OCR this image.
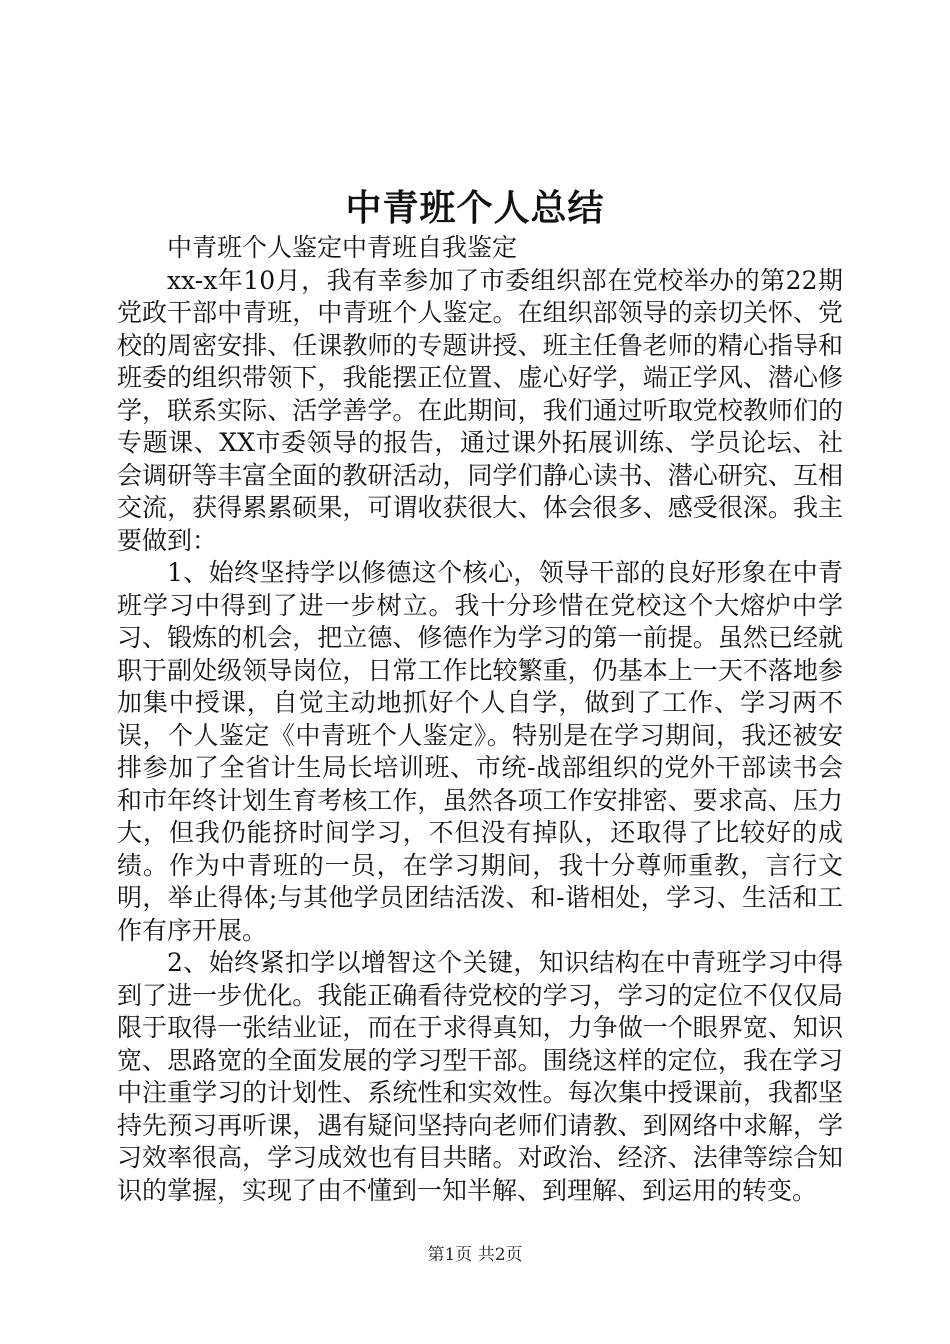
中青班个人总结

中青班个人鉴定中青班自我鉴定

xx-x年10月，我有幸参加了市委组织部在党校举办的第22期党政干部中青班，中青班个人鉴定。在组织部领导的亲切关怀、党校的周密安排、任课教师的专题讲授、班主任鲁老师的精心指导和班委的组织带领下，我能摆正位置、虚心好学，端正学风、潜心修学，联系实际、活学善学。在此期间，我们通过听取党校教师们的专题课、XX市委领导的报告，通过课外拓展训练、学员论坛、社会调研等丰富全面的教研活动，同学们静心读书、潜心研究、互相交流，获得累累硕果，可谓收获很大、体会很多、感受很深。我主要做到：

1、始终坚持学以修德这个核心，领导干部的良好形象在中青班学习中得到了进一步树立。我十分珍惜在党校这个大熔炉中学习、锻炼的机会，把立德、修德作为学习的第一前提。虽然已经就职于副处级领导岗位，日常工作比较繁重，仍基本上一天不落地参加集中授课，自觉主动地抓好个人自学，做到了工作、学习两不误，个人鉴定《中青班个人鉴定》。特别是在学习期间，我还被安排参加了全省计生局长培训班、市统-战部组织的党外干部读书会和市年终计划生育考核工作，虽然各项工作安排密、要求高、压力大，但我仍能挤时间学习，不但没有掉队，还取得了比较好的成绩。作为中青班的一员，在学习期间，我十分尊师重教，言行文明，举止得体;与其他学员团结活泼、和-谐相处，学习、生活和工作有序开展。

2、始终紧扣学以增智这个关键，知识结构在中青班学习中得到了进一步优化。我能正确看待党校的学习，学习的定位不仅仅局限于取得一张结业证，而在于求得真知，力争做一个眼界宽、知识宽、思路宽的全面发展的学习型干部。围绕这样的定位，我在学习中注重学习的计划性、系统性和实效性。每次集中授课前，我都坚持先预习再听课，遇有疑问坚持向老师们请教、到网络中求解，学习效率很高，学习成效也有目共睹。对政治、经济、法律等综合知识的掌握，实现了由不懂到一知半解、到理解、到运用的转变。

第1页 共2页
